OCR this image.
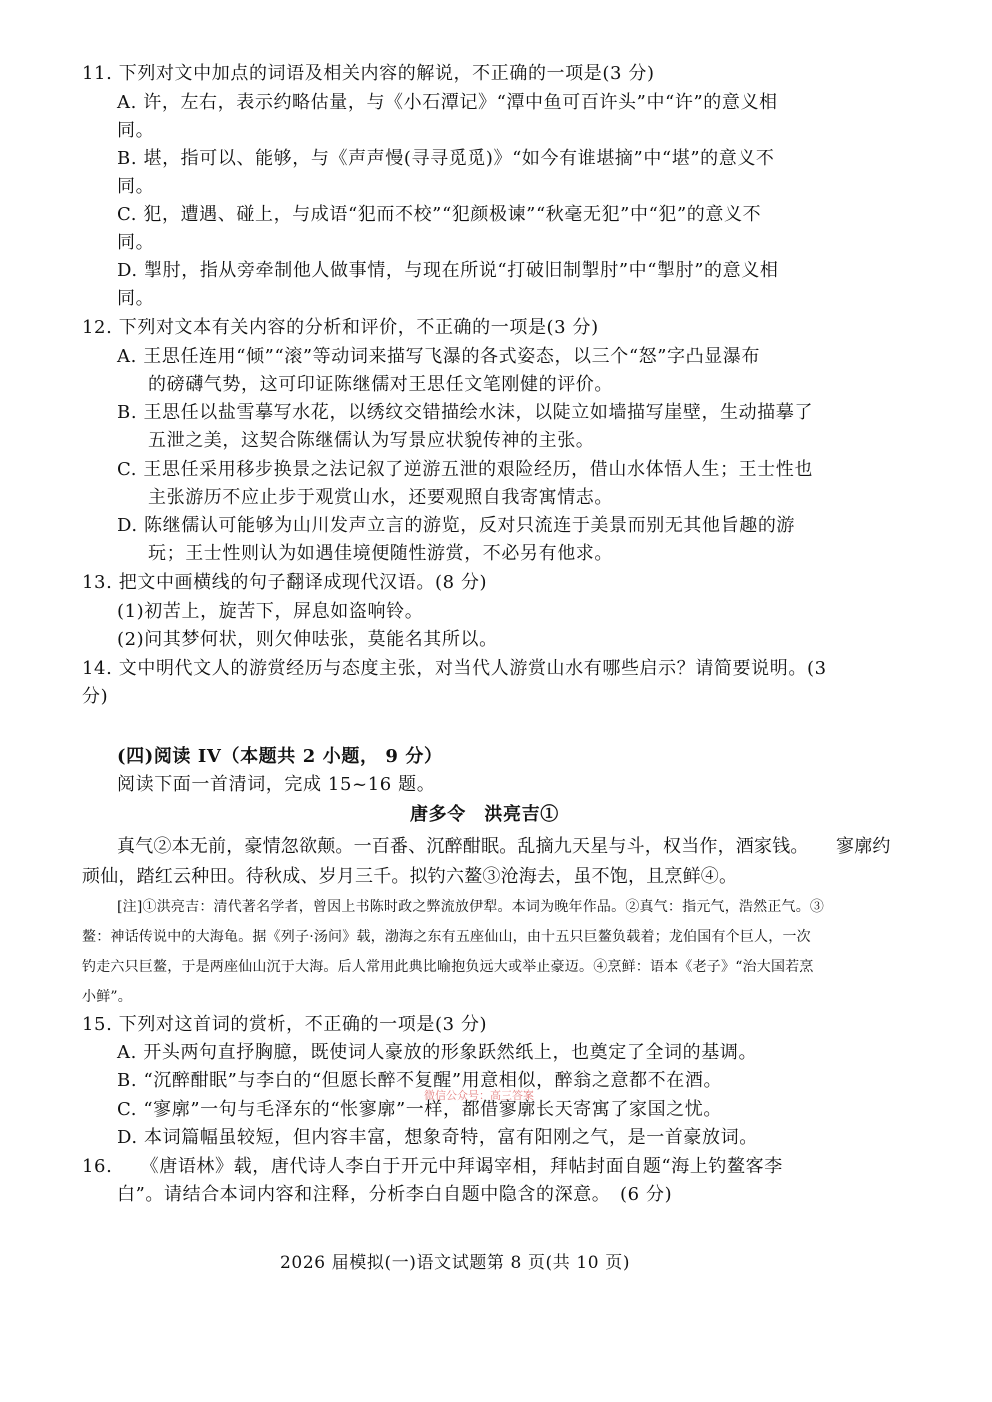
11. 下列对文中加点的词语及相关内容的解说，不正确的一项是(3 分)

A. 许，左右，表示约略估量，与《小石潭记》“潭中鱼可百许头”中“许”的意义相

同。

B. 堪，指可以、能够，与《声声慢(寻寻觅觅)》“如今有谁堪摘”中“堪”的意义不

同。

C. 犯，遭遇、碰上，与成语“犯而不校”“犯颜极谏”“秋毫无犯”中“犯”的意义不

同。

D. 掣肘，指从旁牵制他人做事情，与现在所说“打破旧制掣肘”中“掣肘”的意义相

同。

12. 下列对文本有关内容的分析和评价，不正确的一项是(3 分)

A. 王思任连用“倾”“滚”等动词来描写飞瀑的各式姿态，以三个“怒”字凸显瀑布

的磅礴气势，这可印证陈继儒对王思任文笔刚健的评价。

B. 王思任以盐雪摹写水花，以绣纹交错描绘水沫，以陡立如墙描写崖壁，生动描摹了

五泄之美，这契合陈继儒认为写景应状貌传神的主张。

C. 王思任采用移步换景之法记叙了逆游五泄的艰险经历，借山水体悟人生；王士性也

主张游历不应止步于观赏山水，还要观照自我寄寓情志。

D. 陈继儒认可能够为山川发声立言的游览，反对只流连于美景而别无其他旨趣的游

玩；王士性则认为如遇佳境便随性游赏，不必另有他求。

13. 把文中画横线的句子翻译成现代汉语。(8 分)

(1)初苦上，旋苦下，屏息如盗响铃。

(2)问其梦何状，则欠伸呿张，莫能名其所以。

14. 文中明代文人的游赏经历与态度主张，对当代人游赏山水有哪些启示？请简要说明。(3

分)

(四)阅读 IV（本题共 2 小题， 9 分）

阅读下面一首清词，完成 15~16 题。

唐多令　洪亮吉①

真气②本无前，豪情忽欲颠。一百番、沉醉酣眠。乱摘九天星与斗，权当作，酒家钱。　　寥廓约

顽仙，踏红云种田。待秋成、岁月三千。拟钓六鳌③沧海去，虽不饱，且烹鲜④。

[注]①洪亮吉：清代著名学者，曾因上书陈时政之弊流放伊犁。本词为晚年作品。②真气：指元气，浩然正气。③

鳌：神话传说中的大海龟。据《列子·汤问》载，渤海之东有五座仙山，由十五只巨鳌负载着；龙伯国有个巨人，一次

钓走六只巨鳌，于是两座仙山沉于大海。后人常用此典比喻抱负远大或举止豪迈。④烹鲜：语本《老子》“治大国若烹

小鲜”。

15. 下列对这首词的赏析，不正确的一项是(3 分)

A. 开头两句直抒胸臆，既使词人豪放的形象跃然纸上，也奠定了全词的基调。

B. “沉醉酣眠”与李白的“但愿长醉不复醒”用意相似，醉翁之意都不在酒。

C. “寥廓”一句与毛泽东的“怅寥廓”一样，都借寥廓长天寄寓了家国之忧。

D. 本词篇幅虽较短，但内容丰富，想象奇特，富有阳刚之气，是一首豪放词。

微信公众号：高三答案

16.　　《唐语林》载，唐代诗人李白于开元中拜谒宰相，拜帖封面自题“海上钓鳌客李

白”。请结合本词内容和注释，分析李白自题中隐含的深意。　(6 分)

2026 届模拟(一)语文试题第 8 页(共 10 页)
